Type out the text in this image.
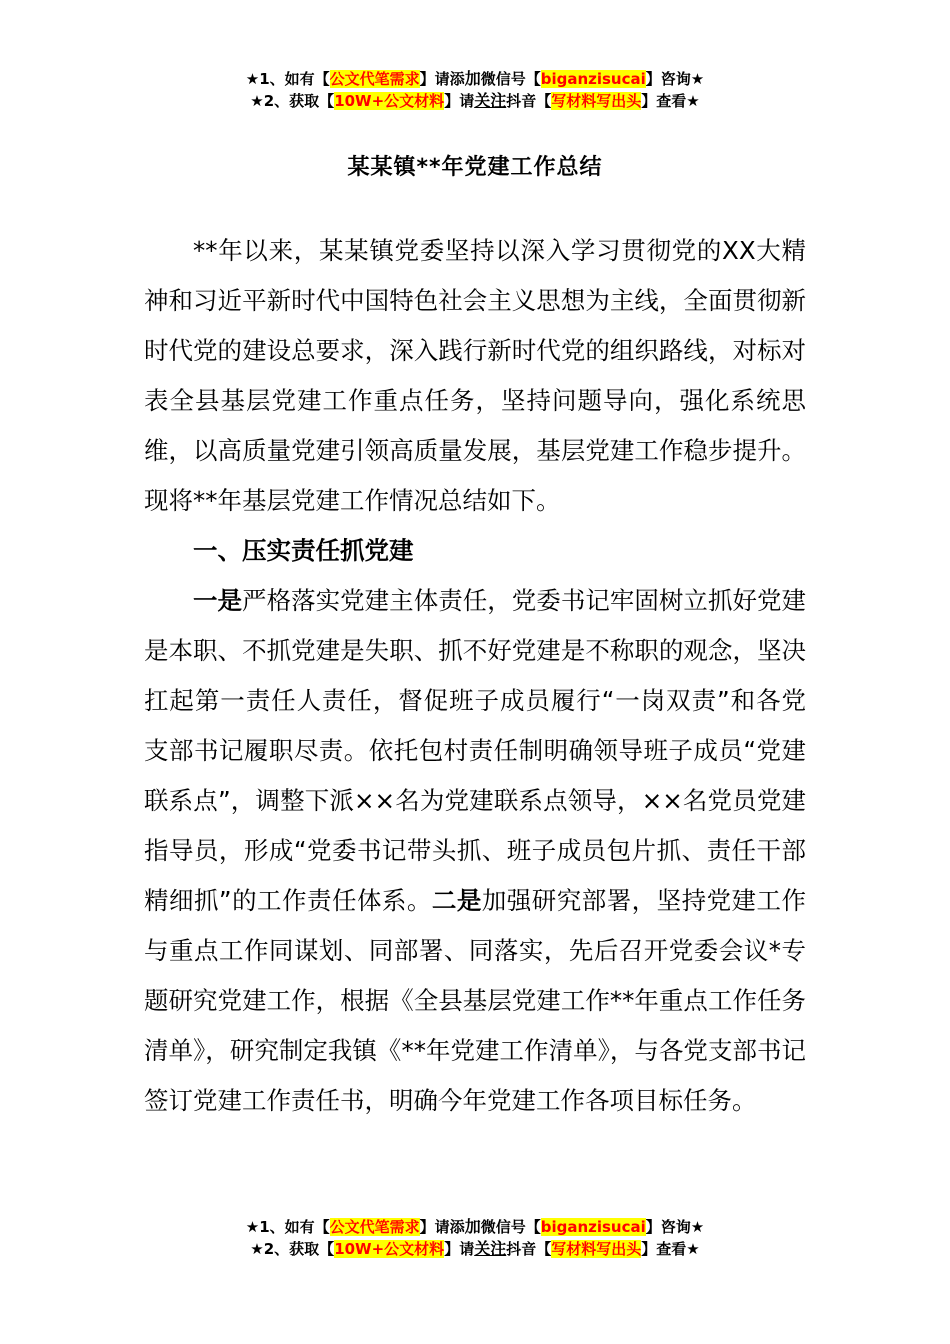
★1、如有【公文代笔需求】请添加微信号【biganzisucai】咨询★
★2、获取【10W+公文材料】请关注抖音【写材料写出头】查看★
某某镇**年党建工作总结

**年以来，某某镇党委坚持以深入学习贯彻党的XX大精神和习近平新时代中国特色社会主义思想为主线，全面贯彻新时代党的建设总要求，深入践行新时代党的组织路线，对标对表全县基层党建工作重点任务，坚持问题导向，强化系统思维，以高质量党建引领高质量发展，基层党建工作稳步提升。现将**年基层党建工作情况总结如下。

一、压实责任抓党建

一是严格落实党建主体责任，党委书记牢固树立抓好党建是本职、不抓党建是失职、抓不好党建是不称职的观念，坚决扛起第一责任人责任，督促班子成员履行“一岗双责”和各党支部书记履职尽责。依托包村责任制明确领导班子成员“党建联系点”，调整下派××名为党建联系点领导，××名党员党建指导员，形成“党委书记带头抓、班子成员包片抓、责任干部精细抓”的工作责任体系。二是加强研究部署，坚持党建工作与重点工作同谋划、同部署、同落实，先后召开党委会议*专题研究党建工作，根据《全县基层党建工作**年重点工作任务清单》，研究制定我镇《**年党建工作清单》，与各党支部书记签订党建工作责任书，明确今年党建工作各项目标任务。

★1、如有【公文代笔需求】请添加微信号【biganzisucai】咨询★
★2、获取【10W+公文材料】请关注抖音【写材料写出头】查看★
